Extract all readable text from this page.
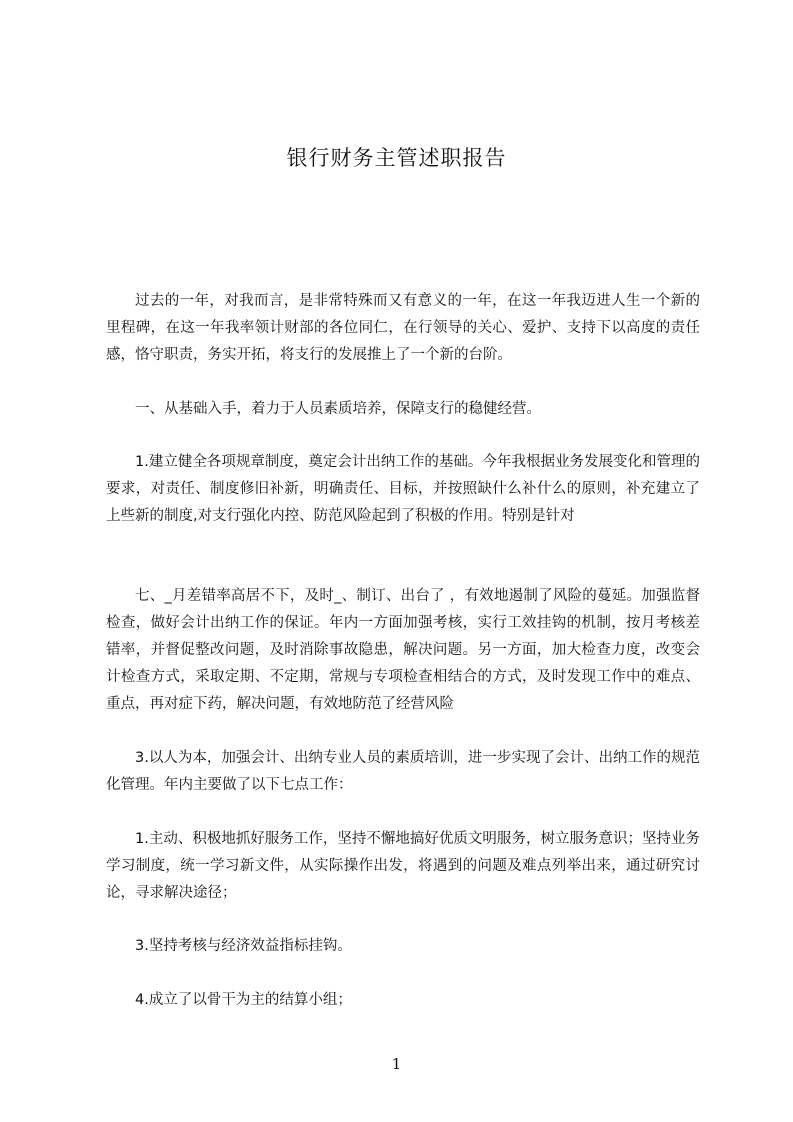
银行财务主管述职报告

过去的一年，对我而言，是非常特殊而又有意义的一年，在这一年我迈进人生一个新的里程碑，在这一年我率领计财部的各位同仁，在行领导的关心、爱护、支持下以高度的责任感，恪守职责，务实开拓，将支行的发展推上了一个新的台阶。

一、从基础入手，着力于人员素质培养，保障支行的稳健经营。

1.建立健全各项规章制度，奠定会计出纳工作的基础。今年我根据业务发展变化和管理的要求，对责任、制度修旧补新，明确责任、目标，并按照缺什么补什么的原则，补充建立了上些新的制度,对支行强化内控、防范风险起到了积极的作用。特别是针对

七、_月差错率高居不下，及时_、制订、出台了 ，有效地遏制了风险的蔓延。加强监督检查，做好会计出纳工作的保证。年内一方面加强考核，实行工效挂钩的机制，按月考核差错率，并督促整改问题，及时消除事故隐患，解决问题。另一方面，加大检查力度，改变会计检查方式，采取定期、不定期，常规与专项检查相结合的方式，及时发现工作中的难点、重点，再对症下药，解决问题，有效地防范了经营风险

3.以人为本，加强会计、出纳专业人员的素质培训，进一步实现了会计、出纳工作的规范化管理。年内主要做了以下七点工作：

1.主动、积极地抓好服务工作，坚持不懈地搞好优质文明服务，树立服务意识；坚持业务学习制度，统一学习新文件，从实际操作出发，将遇到的问题及难点列举出来，通过研究讨论，寻求解决途径；

3.坚持考核与经济效益指标挂钩。

4.成立了以骨干为主的结算小组；

1
